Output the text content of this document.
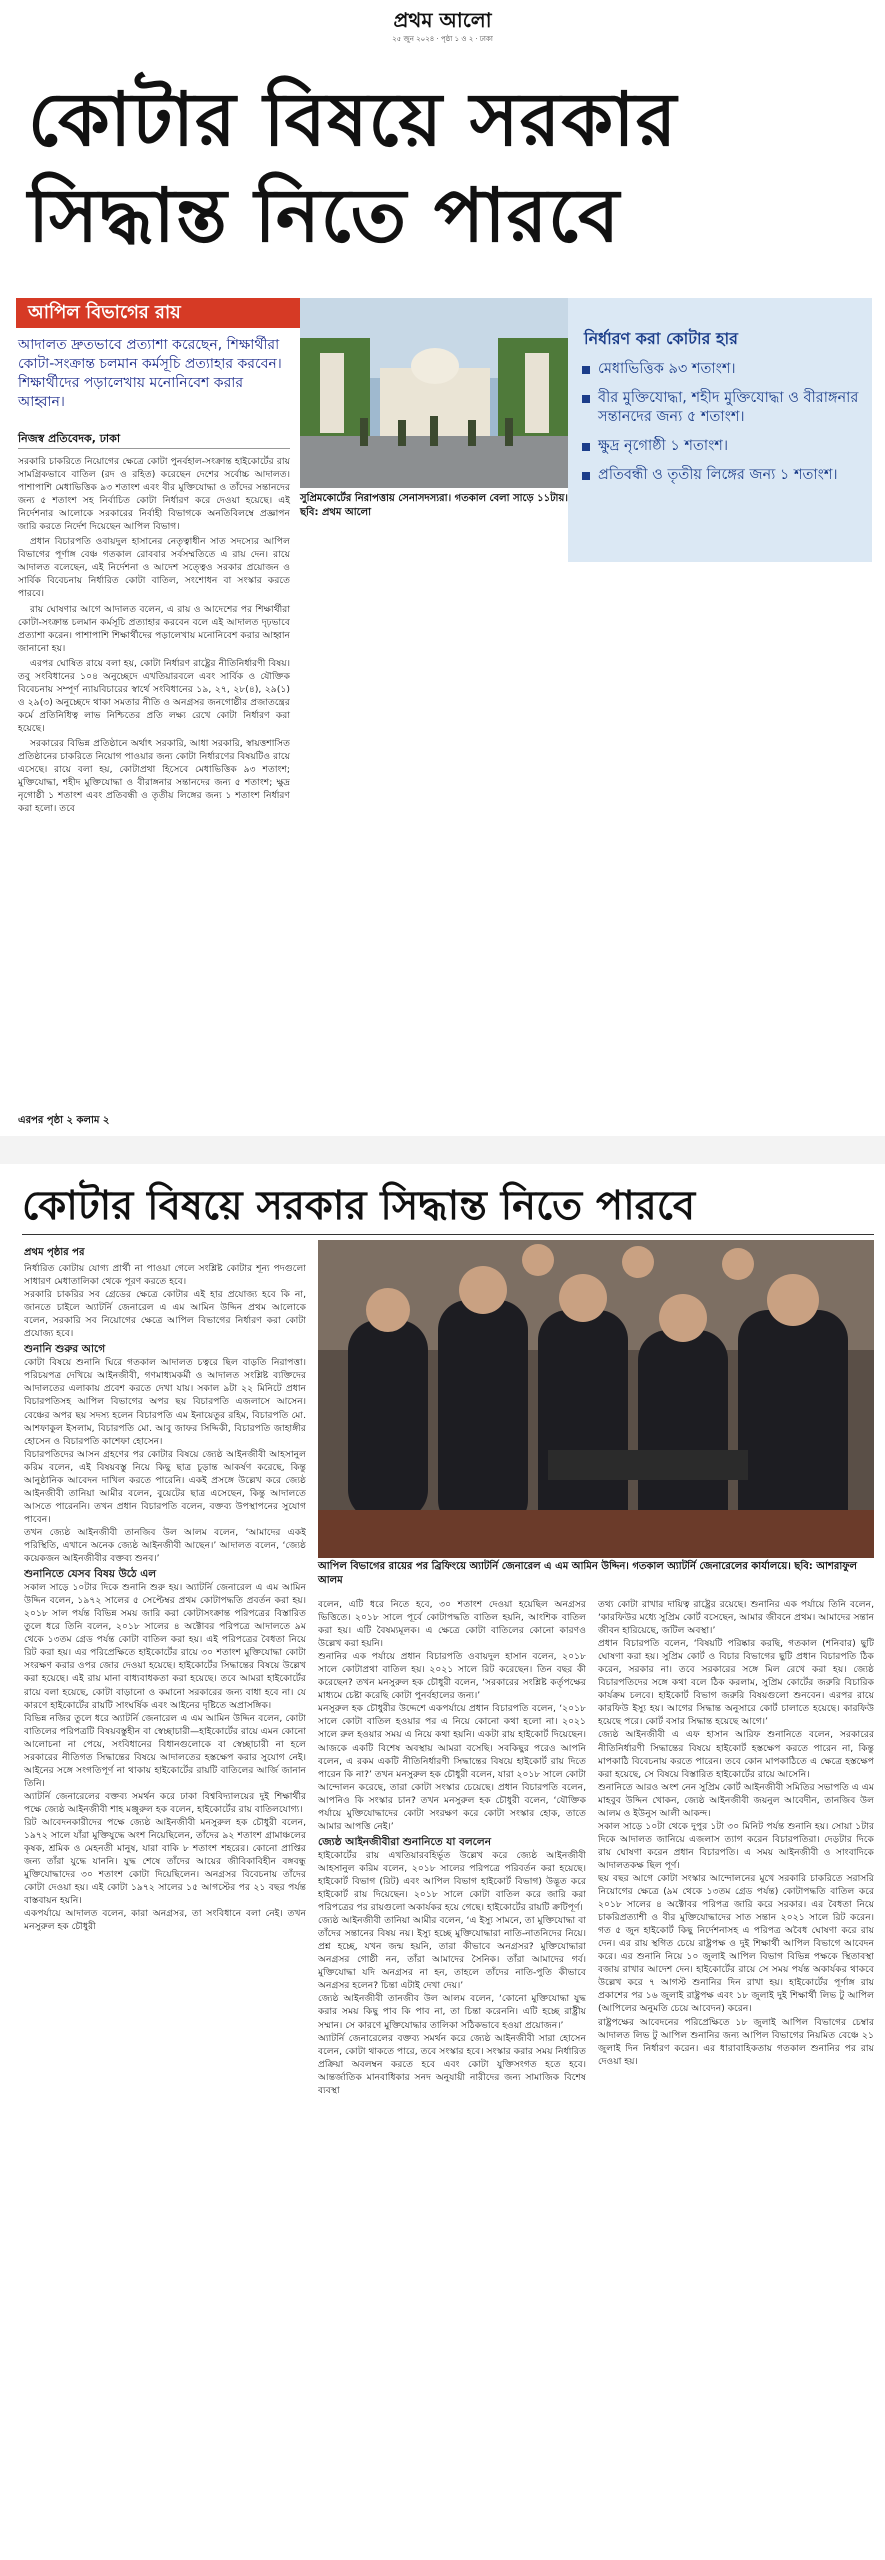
প্রথম আলো
২৫ জুন ২০২৪ ‧ পৃষ্ঠা ১ ও ২ ‧ ঢাকা
কোটার বিষয়ে সরকার
সিদ্ধান্ত নিতে পারবে
আপিল বিভাগের রায়
আদালত দ্রুতভাবে প্রত্যাশা করেছেন, শিক্ষার্থীরা কোটা-সংক্রান্ত চলমান কর্মসূচি প্রত্যাহার করবেন। শিক্ষার্থীদের পড়ালেখায় মনোনিবেশ করার আহ্বান।
নিজস্ব প্রতিবেদক, ঢাকা

সরকারি চাকরিতে নিয়োগের ক্ষেত্রে কোটা পুনর্বহাল-সংক্রান্ত হাইকোর্টের রায় সামগ্রিকভাবে বাতিল (রদ ও রহিত) করেছেন দেশের সর্বোচ্চ আদালত। পাশাপাশি মেধাভিত্তিক ৯৩ শতাংশ এবং বীর মুক্তিযোদ্ধা ও তাঁদের সন্তানদের জন্য ৫ শতাংশ সহ নির্বাচিত কোটা নির্ধারণ করে দেওয়া হয়েছে। এই নির্দেশনার আলোকে সরকারের নির্বাহী বিভাগকে অনতিবিলম্বে প্রজ্ঞাপন জারি করতে নির্দেশ দিয়েছেন আপিল বিভাগ।

প্রধান বিচারপতি ওবায়দুল হাসানের নেতৃত্বাধীন সাত সদস্যের আপিল বিভাগের পূর্ণাঙ্গ বেঞ্চ গতকাল রোববার সর্বসম্মতিতে এ রায় দেন। রায়ে আদালত বলেছেন, এই নির্দেশনা ও আদেশ সত্ত্বেও সরকার প্রয়োজন ও সার্বিক বিবেচনায় নির্ধারিত কোটা বাতিল, সংশোধন বা সংস্কার করতে পারবে।

রায় ঘোষণার আগে আদালত বলেন, এ রায় ও আদেশের পর শিক্ষার্থীরা কোটা-সংক্রান্ত চলমান কর্মসূচি প্রত্যাহার করবেন বলে এই আদালত দৃঢ়ভাবে প্রত্যাশা করেন। পাশাপাশি শিক্ষার্থীদের পড়ালেখায় মনোনিবেশ করার আহ্বান জানানো হয়।

এরপর ঘোষিত রায়ে বলা হয়, কোটা নির্ধারণ রাষ্ট্রের নীতিনির্ধারণী বিষয়। তবু সংবিধানের ১০৪ অনুচ্ছেদে এখতিয়ারবলে এবং সার্বিক ও যৌক্তিক বিবেচনায় সম্পূর্ণ ন্যায়বিচারের স্বার্থে সংবিধানের ১৯, ২৭, ২৮(৪), ২৯(১) ও ২৯(৩) অনুচ্ছেদে থাকা সমতার নীতি ও অনগ্রসর জনগোষ্ঠীর প্রজাতন্ত্রের কর্মে প্রতিনিধিত্ব লাভ নিশ্চিতের প্রতি লক্ষ্য রেখে কোটা নির্ধারণ করা হয়েছে।

সরকারের বিভিন্ন প্রতিষ্ঠানে অর্থাৎ সরকারি, আধা সরকারি, স্বায়ত্তশাসিত প্রতিষ্ঠানের চাকরিতে নিয়োগ পাওয়ার জন্য কোটা নির্ধারণের বিষয়টিও রায়ে এসেছে। রায়ে বলা হয়, কোটাপ্রথা হিসেবে মেধাভিত্তিক ৯৩ শতাংশ; মুক্তিযোদ্ধা, শহীদ মুক্তিযোদ্ধা ও বীরাঙ্গনার সন্তানদের জন্য ৫ শতাংশ; ক্ষুদ্র নৃগোষ্ঠী ১ শতাংশ এবং প্রতিবন্ধী ও তৃতীয় লিঙ্গের জন্য ১ শতাংশ নির্ধারণ করা হলো। তবে

সুপ্রিমকোর্টের নিরাপত্তায় সেনাসদস্যরা। গতকাল বেলা সাড়ে ১১টায়। ছবি: প্রথম আলো
নির্ধারণ করা কোটার হার
মেধাভিত্তিক ৯৩ শতাংশ।
বীর মুক্তিযোদ্ধা, শহীদ মুক্তিযোদ্ধা ও বীরাঙ্গনার সন্তানদের জন্য ৫ শতাংশ।
ক্ষুদ্র নৃগোষ্ঠী ১ শতাংশ।
প্রতিবন্ধী ও তৃতীয় লিঙ্গের জন্য ১ শতাংশ।
এরপর পৃষ্ঠা ২ কলাম ২
কোটার বিষয়ে সরকার সিদ্ধান্ত নিতে পারবে
প্রথম পৃষ্ঠার পর

নির্ধারিত কোটায় যোগ্য প্রার্থী না পাওয়া গেলে সংশ্লিষ্ট কোটার শূন্য পদগুলো সাধারণ মেধাতালিকা থেকে পূরণ করতে হবে।
সরকারি চাকরির সব গ্রেডের ক্ষেত্রে কোটার এই হার প্রযোজ্য হবে কি না, জানতে চাইলে অ্যাটর্নি জেনারেল এ এম আমিন উদ্দিন প্রথম আলোকে বলেন, সরকারি সব নিয়োগের ক্ষেত্রে আপিল বিভাগের নির্ধারণ করা কোটা প্রযোজ্য হবে।

শুনানি শুরুর আগে

কোটা বিষয়ে শুনানি ঘিরে গতকাল আদালত চত্বরে ছিল বাড়তি নিরাপত্তা। পরিচয়পত্র দেখিয়ে আইনজীবী, গণমাধ্যমকর্মী ও আদালত সংশ্লিষ্ট ব্যক্তিদের আদালতের এলাকায় প্রবেশ করতে দেখা যায়। সকাল ৯টা ২২ মিনিটে প্রধান বিচারপতিসহ আপিল বিভাগের অপর ছয় বিচারপতি এজলাসে আসেন। বেঞ্চের অপর ছয় সদস্য হলেন বিচারপতি এম ইনায়েতুর রহিম, বিচারপতি মো. আশফাকুল ইসলাম, বিচারপতি মো. আবু জাফর সিদ্দিকী, বিচারপতি জাহাঙ্গীর হোসেন ও বিচারপতি কাশেফা হোসেন।
বিচারপতিদের আসন গ্রহণের পর কোটার বিষয়ে জ্যেষ্ঠ আইনজীবী আহসানুল করিম বলেন, এই বিষয়বস্তু নিয়ে কিছু ছাত্র চূড়ান্ত আকর্ষণ করেছে, কিন্তু আনুষ্ঠানিক আবেদন দাখিল করতে পারেনি। একই প্রসঙ্গে উল্লেখ করে জ্যেষ্ঠ আইনজীবী তানিয়া আমীর বলেন, বুয়েটের ছাত্র এসেছেন, কিন্তু আদালতে আসতে পারেননি। তখন প্রধান বিচারপতি বলেন, বক্তব্য উপস্থাপনের সুযোগ পাবেন।
তখন জ্যেষ্ঠ আইনজীবী তানজিব উল আলম বলেন, ‘আমাদের একই পরিস্থিতি, এখানে অনেক জ্যেষ্ঠ আইনজীবী আছেন।’ আদালত বলেন, ‘জ্যেষ্ঠ কয়েকজন আইনজীবীর বক্তব্য শুনব।’

শুনানিতে যেসব বিষয় উঠে এল

সকাল সাড়ে ১০টার দিকে শুনানি শুরু হয়। অ্যাটর্নি জেনারেল এ এম আমিন উদ্দিন বলেন, ১৯৭২ সালের ৫ সেপ্টেম্বর প্রথম কোটাপদ্ধতি প্রবর্তন করা হয়। ২০১৮ সাল পর্যন্ত বিভিন্ন সময় জারি করা কোটাসংক্রান্ত পরিপত্রের বিস্তারিত তুলে ধরে তিনি বলেন, ২০১৮ সালের ৪ অক্টোবর পরিপত্রে আদালতে ৯ম থেকে ১৩তম গ্রেড পর্যন্ত কোটা বাতিল করা হয়। এই পরিপত্রের বৈধতা নিয়ে রিট করা হয়। এর পরিপ্রেক্ষিতে হাইকোর্টের রায়ে ৩০ শতাংশ মুক্তিযোদ্ধা কোটা সংরক্ষণ করার ওপর জোর দেওয়া হয়েছে। হাইকোর্টের সিদ্ধান্তের বিষয়ে উল্লেখ করা হয়েছে। এই রায় মানা বাধ্যবাধকতা করা হয়েছে। তবে আমরা হাইকোর্টের রায়ে বলা হয়েছে, কোটা বাড়ানো ও কমানো সরকারের জন্য বাধা হবে না। যে কারণে হাইকোর্টের রায়টি সাংঘর্ষিক এবং আইনের দৃষ্টিতে অপ্রাসঙ্গিক।
বিভিন্ন নজির তুলে ধরে অ্যাটর্নি জেনারেল এ এম আমিন উদ্দিন বলেন, কোটা বাতিলের পরিপত্রটি বিষয়বস্তুহীন বা স্বেচ্ছাচারী—হাইকোর্টের রায়ে এমন কোনো আলোচনা না পেয়ে, সংবিধানের বিধানগুলোকে বা স্বেচ্ছাচারী না হলে সরকারের নীতিগত সিদ্ধান্তের বিষয়ে আদালতের হস্তক্ষেপ করার সুযোগ নেই। আইনের সঙ্গে সংগতিপূর্ণ না থাকায় হাইকোর্টের রায়টি বাতিলের আর্জি জানান তিনি।
অ্যাটর্নি জেনারেলের বক্তব্য সমর্থন করে ঢাকা বিশ্ববিদ্যালয়ের দুই শিক্ষার্থীর পক্ষে জ্যেষ্ঠ আইনজীবী শাহ মঞ্জুরুল হক বলেন, হাইকোর্টের রায় বাতিলযোগ্য।
রিট আবেদনকারীদের পক্ষে জ্যেষ্ঠ আইনজীবী মনসুরুল হক চৌধুরী বলেন, ১৯৭২ সালে যাঁরা মুক্তিযুদ্ধে অংশ নিয়েছিলেন, তাঁদের ৯২ শতাংশ গ্রামাঞ্চলের কৃষক, শ্রমিক ও মেহনতী মানুষ, যারা বাকি ৮ শতাংশ শহরের। কোনো প্রাপ্তির জন্য তাঁরা যুদ্ধে যাননি। যুদ্ধ শেষে তাঁদের আয়ের জীবিকাবিহীন বঙ্গবন্ধু মুক্তিযোদ্ধাদের ৩০ শতাংশ কোটা দিয়েছিলেন। অনগ্রসর বিবেচনায় তাঁদের কোটা দেওয়া হয়। এই কোটা ১৯৭২ সালের ১৫ আগস্টের পর ২১ বছর পর্যন্ত বাস্তবায়ন হয়নি।
একপর্যায়ে আদালত বলেন, কারা অনগ্রসর, তা সংবিধানে বলা নেই। তখন মনসুরুল হক চৌধুরী

আপিল বিভাগের রায়ের পর ব্রিফিংয়ে অ্যাটর্নি জেনারেল এ এম আমিন উদ্দিন। গতকাল অ্যাটর্নি জেনারেলের কার্যালয়ে। ছবি: আশরাফুল আলম

বলেন, এটি ধরে নিতে হবে, ৩০ শতাংশ দেওয়া হয়েছিল অনগ্রসর ভিত্তিতে। ২০১৮ সালে পূর্বে কোটাপদ্ধতি বাতিল হয়নি, আংশিক বাতিল করা হয়। এটি বৈষম্যমূলক। এ ক্ষেত্রে কোটা বাতিলের কোনো কারণও উল্লেখ করা হয়নি।
শুনানির এক পর্যায়ে প্রধান বিচারপতি ওবায়দুল হাসান বলেন, ২০১৮ সালে কোটাপ্রথা বাতিল হয়। ২০২১ সালে রিট করেছেন। তিন বছর কী করেছেন? তখন মনসুরুল হক চৌধুরী বলেন, ‘সরকারের সংশ্লিষ্ট কর্তৃপক্ষের মাধ্যমে চেষ্টা করেছি কোটা পুনর্বহালের জন্য।’
মনসুরুল হক চৌধুরীর উদ্দেশে একপর্যায়ে প্রধান বিচারপতি বলেন, ‘২০১৮ সালে কোটা বাতিল হওয়ার পর এ নিয়ে কোনো কথা হলো না। ২০২১ সালে রুল হওয়ার সময় এ নিয়ে কথা হয়নি। একটা রায় হাইকোর্ট দিয়েছেন। আজকে একটি বিশেষ অবস্থায় আমরা বসেছি। সবকিছুর পরেও আপনি বলেন, এ রকম একটি নীতিনির্ধারণী সিদ্ধান্তের বিষয়ে হাইকোর্ট রায় দিতে পারেন কি না?’ তখন মনসুরুল হক চৌধুরী বলেন, যারা ২০১৮ সালে কোটা আন্দোলন করেছে, তারা কোটা সংস্কার চেয়েছে। প্রধান বিচারপতি বলেন, আপনিও কি সংস্কার চান? তখন মনসুরুল হক চৌধুরী বলেন, ‘যৌক্তিক পর্যায়ে মুক্তিযোদ্ধাদের কোটা সংরক্ষণ করে কোটা সংস্কার হোক, তাতে আমার আপত্তি নেই।’

জ্যেষ্ঠ আইনজীবীরা শুনানিতে যা বললেন

হাইকোর্টের রায় এখতিয়ারবহির্ভূত উল্লেখ করে জ্যেষ্ঠ আইনজীবী আহসানুল করিম বলেন, ২০১৮ সালের পরিপত্রে পরিবর্তন করা হয়েছে। হাইকোর্ট বিভাগ (রিট) এবং আপিল বিভাগ হাইকোর্ট বিভাগ) উদ্ভূত করে হাইকোর্ট রায় দিয়েছেন। ২০১৮ সালে কোটা বাতিল করে জারি করা পরিপত্রের পর রায়গুলো অকার্যকর হয়ে গেছে। হাইকোর্টের রায়টি ক্রটিপূর্ণ।
জ্যেষ্ঠ আইনজীবী তানিয়া আমীর বলেন, ‘এ ইস্যু সামনে, তা মুক্তিযোদ্ধা বা তাঁদের সন্তানের বিষয় নয়। ইস্যু হচ্ছে মুক্তিযোদ্ধারা নাতি-নাতনিদের নিয়ে। প্রশ্ন হচ্ছে, যখন জন্ম হয়নি, তারা কীভাবে অনগ্রসর? মুক্তিযোদ্ধারা অনগ্রসর গোষ্ঠী নন, তাঁরা আমাদের সৈনিক। তাঁরা আমাদের গর্ব। মুক্তিযোদ্ধা যদি অনগ্রসর না হন, তাহলে তাঁদের নাতি-পুতি কীভাবে অনগ্রসর হলেন? চিন্তা এটাই দেখা দেয়।’
জ্যেষ্ঠ আইনজীবী তানজীব উল আলম বলেন, ‘কোনো মুক্তিযোদ্ধা যুদ্ধ করার সময় কিছু পাব কি পাব না, তা চিন্তা করেননি। এটি হচ্ছে রাষ্ট্রীয় সম্মান। সে কারণে মুক্তিযোদ্ধার তালিকা সঠিকভাবে হওয়া প্রয়োজন।’
অ্যাটর্নি জেনারেলের বক্তব্য সমর্থন করে জ্যেষ্ঠ আইনজীবী সারা হোসেন বলেন, কোটা থাকতে পারে, তবে সংস্কার হবে। সংস্কার করার সময় নির্ধারিত প্রক্রিয়া অবলম্বন করতে হবে এবং কোটা যুক্তিসংগত হতে হবে। আন্তর্জাতিক মানবাধিকার সনদ অনুযায়ী নারীদের জন্য সামাজিক বিশেষ ব্যবস্থা

তথ্য কোটা রাখার দায়িত্ব রাষ্ট্রের রয়েছে। শুনানির এক পর্যায়ে তিনি বলেন, ‘কারফিউর মধ্যে সুপ্রিম কোর্ট বসেছেন, আমার জীবনে প্রথম। আমাদের সন্তান জীবন হারিয়েছে, জটিল অবস্থা।’
প্রধান বিচারপতি বলেন, ‘বিষয়টি পরিষ্কার করছি, গতকাল (শনিবার) ছুটি ঘোষণা করা হয়। সুপ্রিম কোর্ট ও বিচার বিভাগের ছুটি প্রধান বিচারপতি ঠিক করেন, সরকার না। তবে সরকারের সঙ্গে মিল রেখে করা হয়। জ্যেষ্ঠ বিচারপতিদের সঙ্গে কথা বলে ঠিক করলাম, সুপ্রিম কোর্টের জরুরি বিচারিক কার্যক্রম চলবে। হাইকোর্ট বিভাগ জরুরি বিষয়গুলো শুনবেন। এরপর রায়ে কারফিউ ইস্যু হয়। আগের সিদ্ধান্ত অনুসারে কোর্ট চালাতে হয়েছে। কারফিউ হয়েছে পরে। কোর্ট বসার সিদ্ধান্ত হয়েছে আগে।’
জ্যেষ্ঠ আইনজীবী এ এফ হাসান আরিফ শুনানিতে বলেন, সরকারের নীতিনির্ধারণী সিদ্ধান্তের বিষয়ে হাইকোর্ট হস্তক্ষেপ করতে পারেন না, কিন্তু মাপকাঠি বিবেচনায় করতে পারেন। তবে কোন মাপকাঠিতে এ ক্ষেত্রে হস্তক্ষেপ করা হয়েছে, সে বিষয়ে বিস্তারিত হাইকোর্টের রায়ে আসেনি।
শুনানিতে আরও অংশ নেন সুপ্রিম কোর্ট আইনজীবী সমিতির সভাপতি এ এম মাহবুব উদ্দিন খোকন, জ্যেষ্ঠ আইনজীবী জয়নুল আবেদীন, তানজিব উল আলম ও ইউনুস আলী আকন্দ।
সকাল সাড়ে ১০টা থেকে দুপুর ১টা ৩০ মিনিট পর্যন্ত শুনানি হয়। সোয়া ১টার দিকে আদালত জানিয়ে এজলাস ত্যাগ করেন বিচারপতিরা। দেড়টার দিকে রায় ঘোষণা করেন প্রধান বিচারপতি। এ সময় আইনজীবী ও সাংবাদিকে আদালতকক্ষ ছিল পূর্ণ।
ছয় বছর আগে কোটা সংস্কার আন্দোলনের মুখে সরকারি চাকরিতে সরাসরি নিয়োগের ক্ষেত্রে (৯ম থেকে ১৩তম গ্রেড পর্যন্ত) কোটাপদ্ধতি বাতিল করে ২০১৮ সালের ৪ অক্টোবর পরিপত্র জারি করে সরকার। এর বৈধতা নিয়ে চাকরিপ্রত্যাশী ও বীর মুক্তিযোদ্ধাদের সাত সন্তান ২০২১ সালে রিট করেন। গত ৫ জুন হাইকোর্ট কিছু নির্দেশনাসহ এ পরিপত্র অবৈধ ঘোষণা করে রায় দেন। এর রায় স্থগিত চেয়ে রাষ্ট্রপক্ষ ও দুই শিক্ষার্থী আপিল বিভাগে আবেদন করে। এর শুনানি নিয়ে ১০ জুলাই আপিল বিভাগ বিভিন্ন পক্ষকে স্থিতাবস্থা বজায় রাখার আদেশ দেন। হাইকোর্টের রায়ে সে সময় পর্যন্ত অকার্যকর থাকবে উল্লেখ করে ৭ আগস্ট শুনানির দিন রাখা হয়। হাইকোর্টের পূর্ণাঙ্গ রায় প্রকাশের পর ১৬ জুলাই রাষ্ট্রপক্ষ এবং ১৮ জুলাই দুই শিক্ষার্থী লিভ টু আপিল (আপিলের অনুমতি চেয়ে আবেদন) করেন।
রাষ্ট্রপক্ষের আবেদনের পরিপ্রেক্ষিতে ১৮ জুলাই আপিল বিভাগের চেম্বার আদালত লিভ টু আপিল শুনানির জন্য আপিল বিভাগের নিয়মিত বেঞ্চে ২১ জুলাই দিন নির্ধারণ করেন। এর ধারাবাহিকতায় গতকাল শুনানির পর রায় দেওয়া হয়।
